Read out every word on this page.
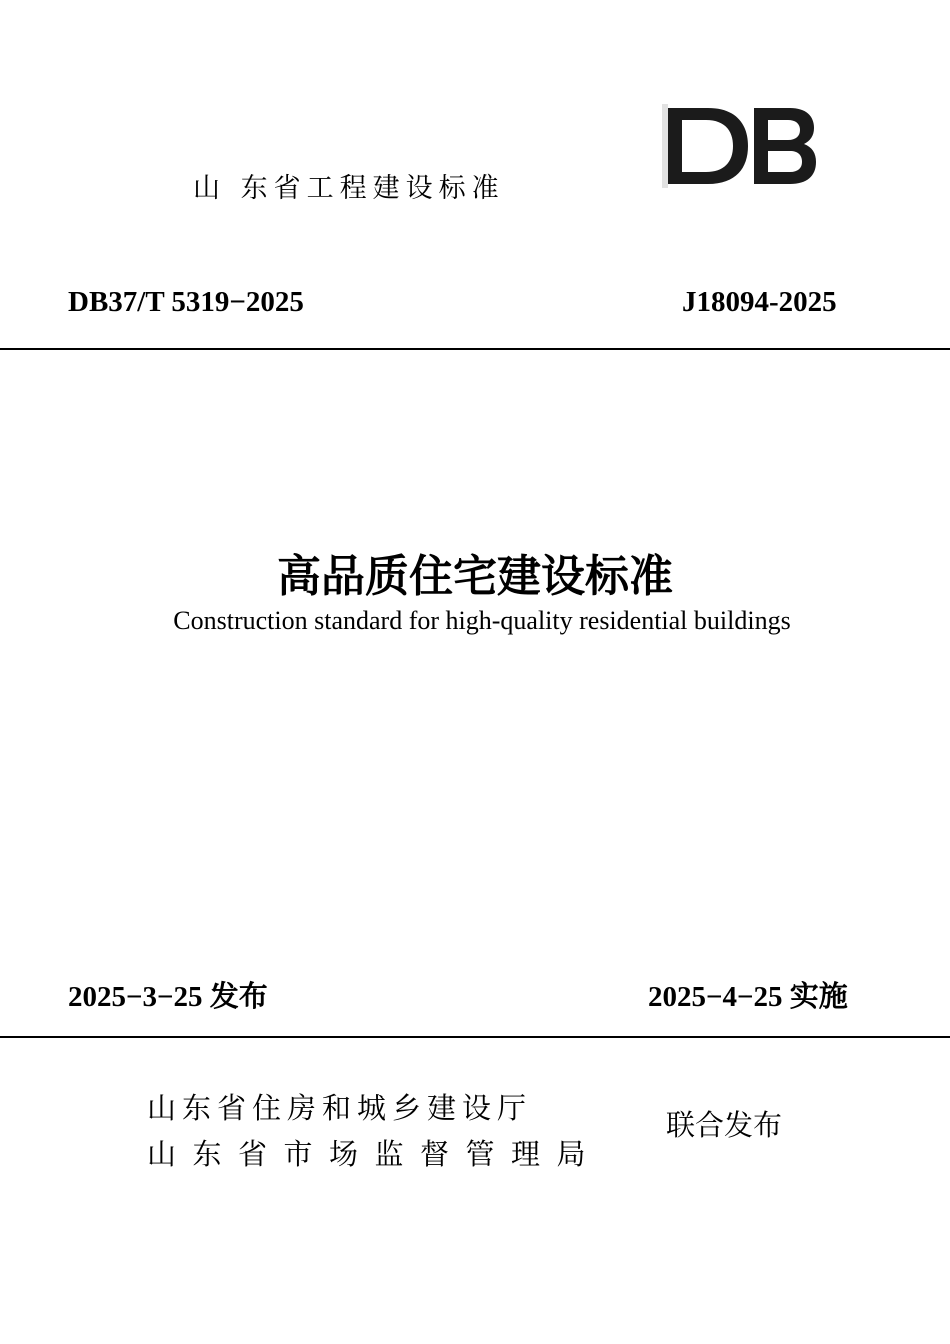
山 东省工程建设标准
DB37/T 5319−2025	J18094-2025
高品质住宅建设标准
Construction standard for high-quality residential buildings
2025−3−25 发布	2025−4−25 实施
山东省住房和城乡建设厅
山东省市场监督管理局
联合发布
